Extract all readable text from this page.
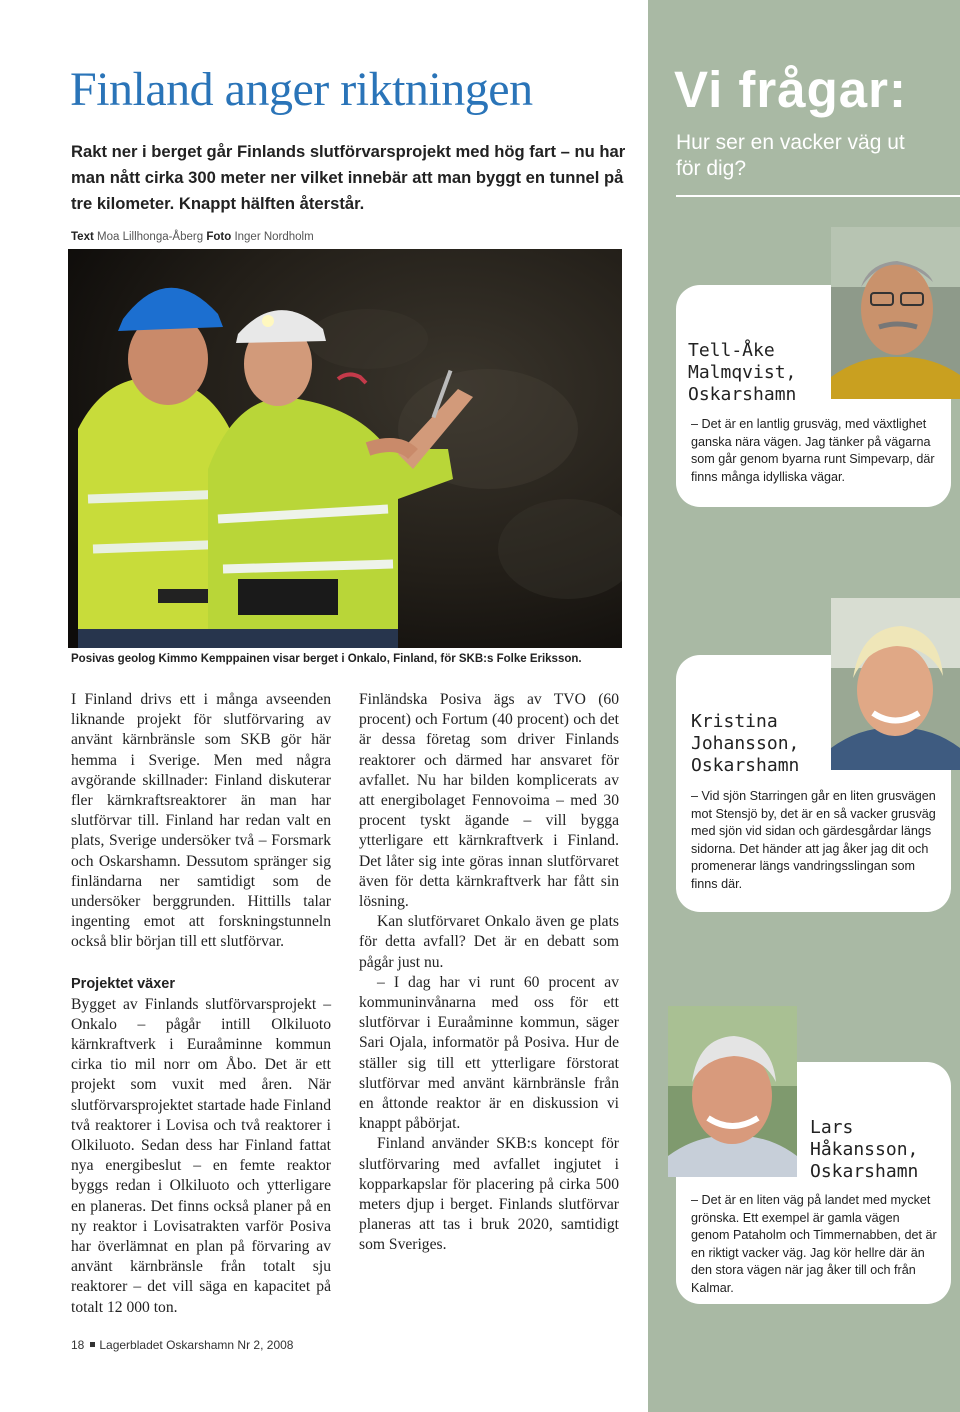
Finland anger riktningen

Rakt ner i berget går Finlands slutförvarsprojekt med hög fart – nu har man nått cirka 300 meter ner vilket innebär att man byggt en tunnel på tre kilometer. Knappt hälften återstår.

Text Moa Lillhonga-Åberg Foto Inger Nordholm

Posivas geolog Kimmo Kemppainen visar berget i Onkalo, Finland, för SKB:s Folke Eriksson.

I Finland drivs ett i många avseenden liknande projekt för slutförvaring av använt kärnbränsle som SKB gör här hemma i Sverige. Men med några avgörande skillnader: Finland diskuterar fler kärnkraftsreaktorer än man har slutförvar till. Finland har redan valt en plats, Sverige undersöker två – Forsmark och Oskarshamn. Dessutom spränger sig finländarna ner samtidigt som de undersöker berggrunden. Hittills talar ingenting emot att forskningstunneln också blir början till ett slutförvar.

Projektet växer

Bygget av Finlands slutförvarsprojekt – Onkalo – pågår intill Olkiluoto kärnkraftverk i Euraåminne kommun cirka tio mil norr om Åbo. Det är ett projekt som vuxit med åren. När slutförvarsprojektet startade hade Finland två reaktorer i Lovisa och två reaktorer i Olkiluoto. Sedan dess har Finland fattat nya energibeslut – en femte reaktor byggs redan i Olkiluoto och ytterligare en planeras. Det finns också planer på en ny reaktor i Lovisatrakten varför Posiva har överlämnat en plan på förvaring av använt kärnbränsle från totalt sju reaktorer – det vill säga en kapacitet på totalt 12 000 ton.

Finländska Posiva ägs av TVO (60 procent) och Fortum (40 procent) och det är dessa företag som driver Finlands reaktorer och därmed har ansvaret för avfallet. Nu har bilden komplicerats av att energibolaget Fennovoima – med 30 procent tyskt ägande – vill bygga ytterligare ett kärnkraftverk i Finland. Det låter sig inte göras innan slutförvaret även för detta kärnkraftverk har fått sin lösning.

Kan slutförvaret Onkalo även ge plats för detta avfall? Det är en debatt som pågår just nu.

– I dag har vi runt 60 procent av kommuninvånarna med oss för ett slutförvar i Euraåminne kommun, säger Sari Ojala, informatör på Posiva. Hur de ställer sig till ett ytterligare förstorat slutförvar med använt kärnbränsle från en åttonde reaktor är en diskussion vi knappt påbörjat.

Finland använder SKB:s koncept för slutförvaring med avfallet ingjutet i kopparkapslar för placering på cirka 500 meters djup i berget. Finlands slutförvar planeras att tas i bruk 2020, samtidigt som Sveriges.

Vi frågar:

Hur ser en vacker väg ut för dig?

Tell-Åke
Malmqvist,
Oskarshamn

– Det är en lantlig grusväg, med växtlighet ganska nära vägen. Jag tänker på vägarna som går genom byarna runt Simpevarp, där finns många idylliska vägar.

Kristina
Johansson,
Oskarshamn

– Vid sjön Starringen går en liten grusvägen mot Stensjö by, det är en så vacker grusväg med sjön vid sidan och gärdesgårdar längs sidorna. Det händer att jag åker jag dit och promenerar längs vandringsslingan som finns där.

Lars
Håkansson,
Oskarshamn

– Det är en liten väg på landet med mycket grönska. Ett exempel är gamla vägen genom Pataholm och Timmernabben, det är en riktigt vacker väg. Jag kör hellre där än den stora vägen när jag åker till och från Kalmar.

18 Lagerbladet Oskarshamn Nr 2, 2008
